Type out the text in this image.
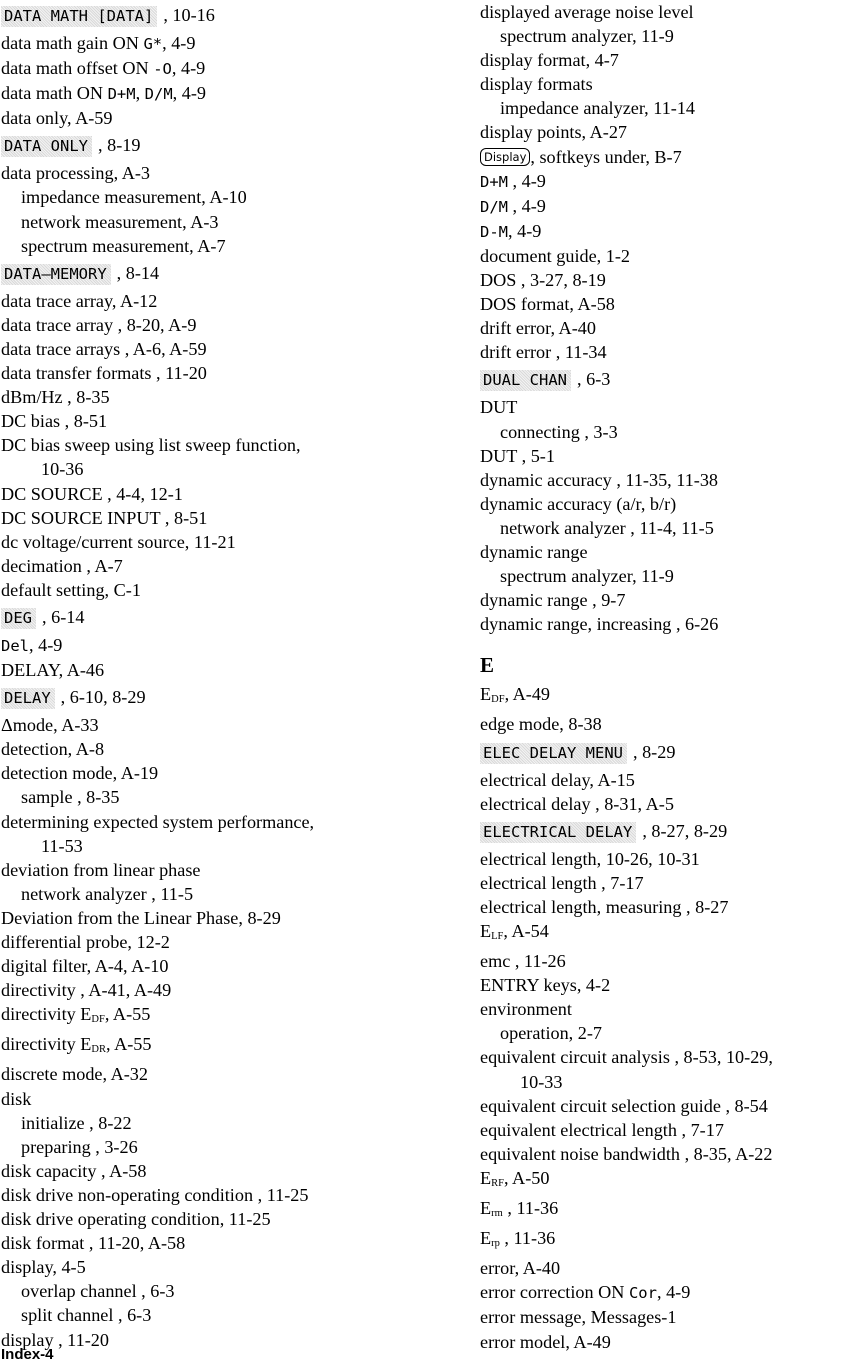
DATA MATH [DATA] , 10-16
data math gain ON G*, 4-9
data math offset ON -O, 4-9
data math ON D+M, D/M, 4-9
data only, A-59
DATA ONLY , 8-19
data processing, A-3
impedance measurement, A-10
network measurement, A-3
spectrum measurement, A-7
DATA—MEMORY , 8-14
data trace array, A-12
data trace array , 8-20, A-9
data trace arrays , A-6, A-59
data transfer formats , 11-20
dBm/Hz , 8-35
DC bias , 8-51
DC bias sweep using list sweep function,
10-36
DC SOURCE , 4-4, 12-1
DC SOURCE INPUT , 8-51
dc voltage/current source, 11-21
decimation , A-7
default setting, C-1
DEG , 6-14
Del, 4-9
DELAY, A-46
DELAY , 6-10, 8-29
Δmode, A-33
detection, A-8
detection mode, A-19
sample , 8-35
determining expected system performance,
11-53
deviation from linear phase
network analyzer , 11-5
Deviation from the Linear Phase, 8-29
differential probe, 12-2
digital filter, A-4, A-10
directivity , A-41, A-49
directivity $E_{DF}$, A-55
directivity $E_{DR}$, A-55
discrete mode, A-32
disk
initialize , 8-22
preparing , 3-26
disk capacity , A-58
disk drive non-operating condition , 11-25
disk drive operating condition, 11-25
disk format , 11-20, A-58
display, 4-5
overlap channel , 6-3
split channel , 6-3
display , 11-20
displayed average noise level
spectrum analyzer, 11-9
display format, 4-7
display formats
impedance analyzer, 11-14
display points, A-27
Display , softkeys under, B-7
D+M , 4-9
D/M , 4-9
D-M, 4-9
document guide, 1-2
DOS , 3-27, 8-19
DOS format, A-58
drift error, A-40
drift error , 11-34
DUAL CHAN , 6-3
DUT
connecting , 3-3
DUT , 5-1
dynamic accuracy , 11-35, 11-38
dynamic accuracy (a/r, b/r)
network analyzer , 11-4, 11-5
dynamic range
spectrum analyzer, 11-9
dynamic range , 9-7
dynamic range, increasing , 6-26
E
$E_{DF}$, A-49
edge mode, 8-38
ELEC DELAY MENU , 8-29
electrical delay, A-15
electrical delay , 8-31, A-5
ELECTRICAL DELAY , 8-27, 8-29
electrical length, 10-26, 10-31
electrical length , 7-17
electrical length, measuring , 8-27
$E_{LF}$, A-54
emc , 11-26
ENTRY keys, 4-2
environment
operation, 2-7
equivalent circuit analysis , 8-53, 10-29,
10-33
equivalent circuit selection guide , 8-54
equivalent electrical length , 7-17
equivalent noise bandwidth , 8-35, A-22
$E_{RF}$, A-50
$E_{rm}$ , 11-36
$E_{rp}$ , 11-36
error, A-40
error correction ON Cor, 4-9
error message, Messages-1
error model, A-49
Index-4
